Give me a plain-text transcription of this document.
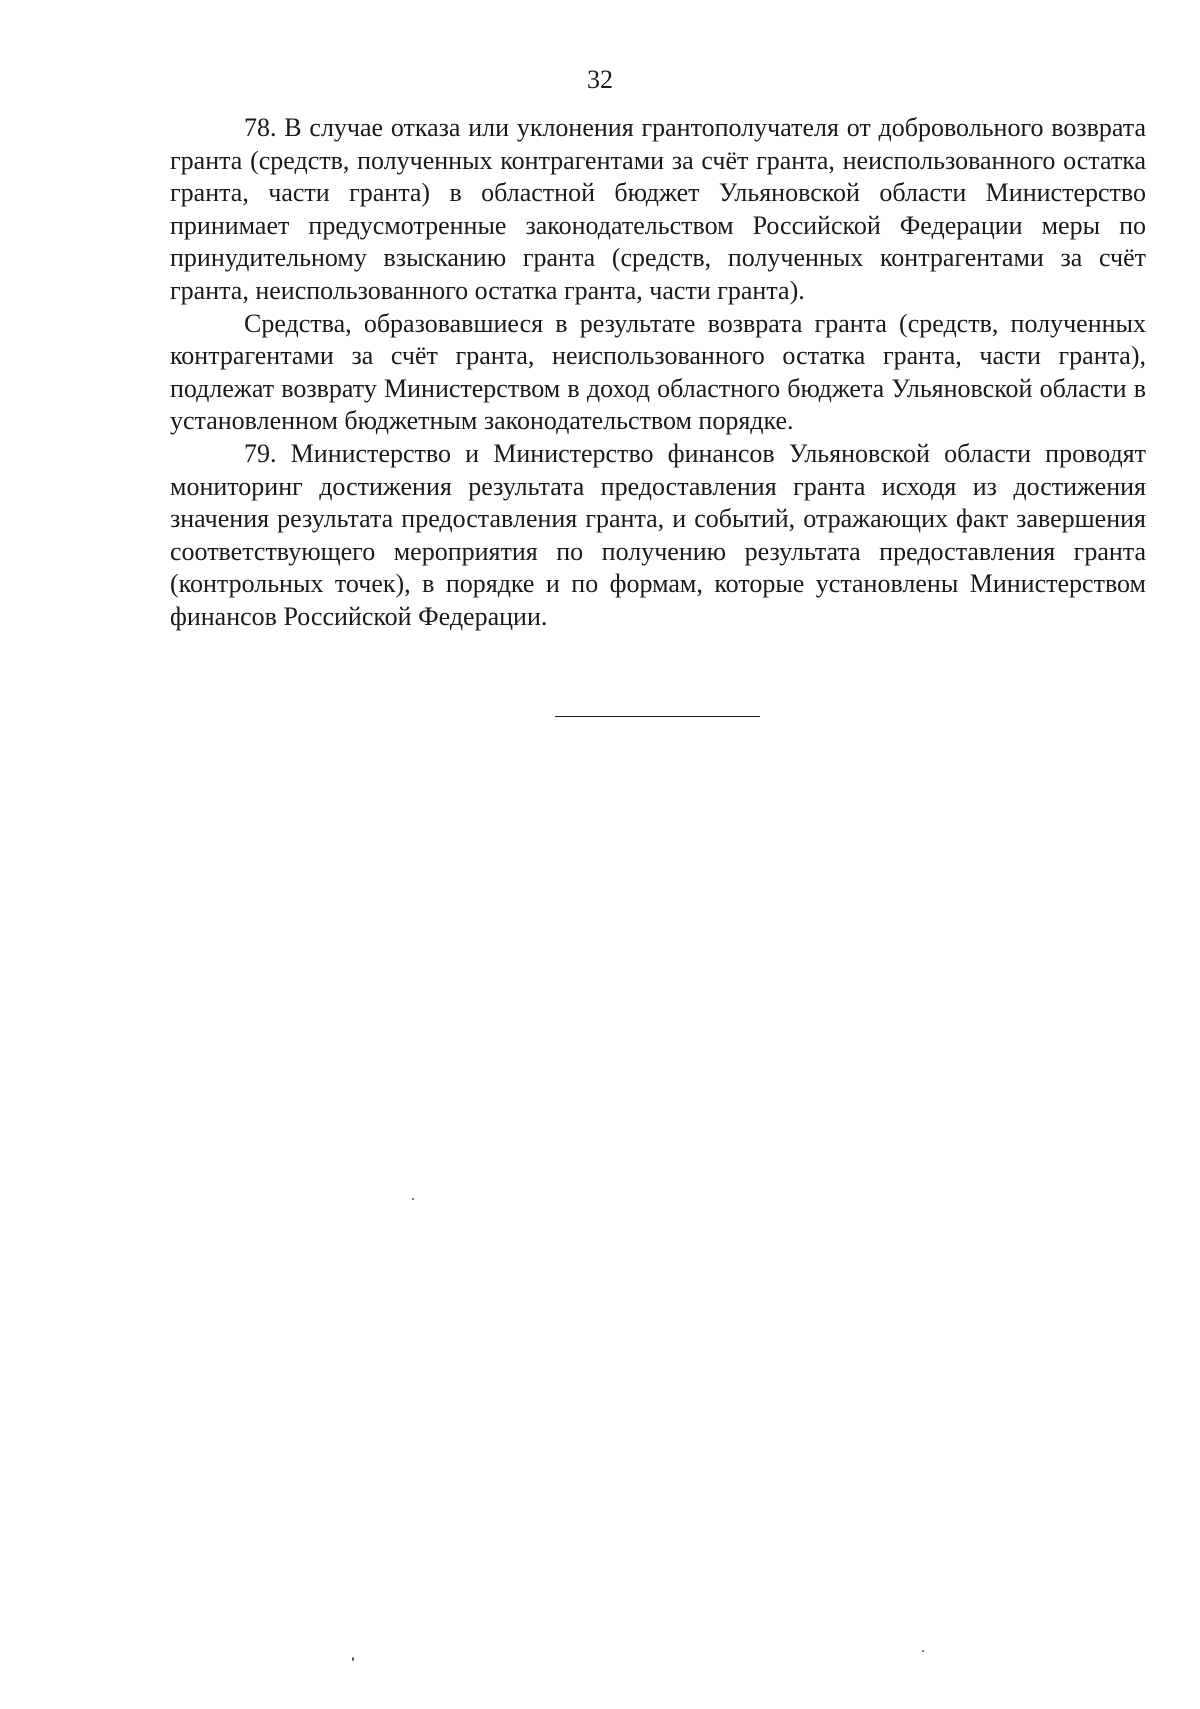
32

78. В случае отказа или уклонения грантополучателя от добровольного возврата гранта (средств, полученных контрагентами за счёт гранта, неиспользованного остатка гранта, части гранта) в областной бюджет Ульяновской области Министерство принимает предусмотренные законодательством Российской Федерации меры по принудительному взысканию гранта (средств, полученных контрагентами за счёт гранта, неиспользованного остатка гранта, части гранта).

Средства, образовавшиеся в результате возврата гранта (средств, полученных контрагентами за счёт гранта, неиспользованного остатка гранта, части гранта), подлежат возврату Министерством в доход областного бюджета Ульяновской области в установленном бюджетным законодательством порядке.

79. Министерство и Министерство финансов Ульяновской области проводят мониторинг достижения результата предоставления гранта исходя из достижения значения результата предоставления гранта, и событий, отражающих факт завершения соответствующего мероприятия по получению результата предоставления гранта (контрольных точек), в порядке и по формам, которые установлены Министерством финансов Российской Федерации.
